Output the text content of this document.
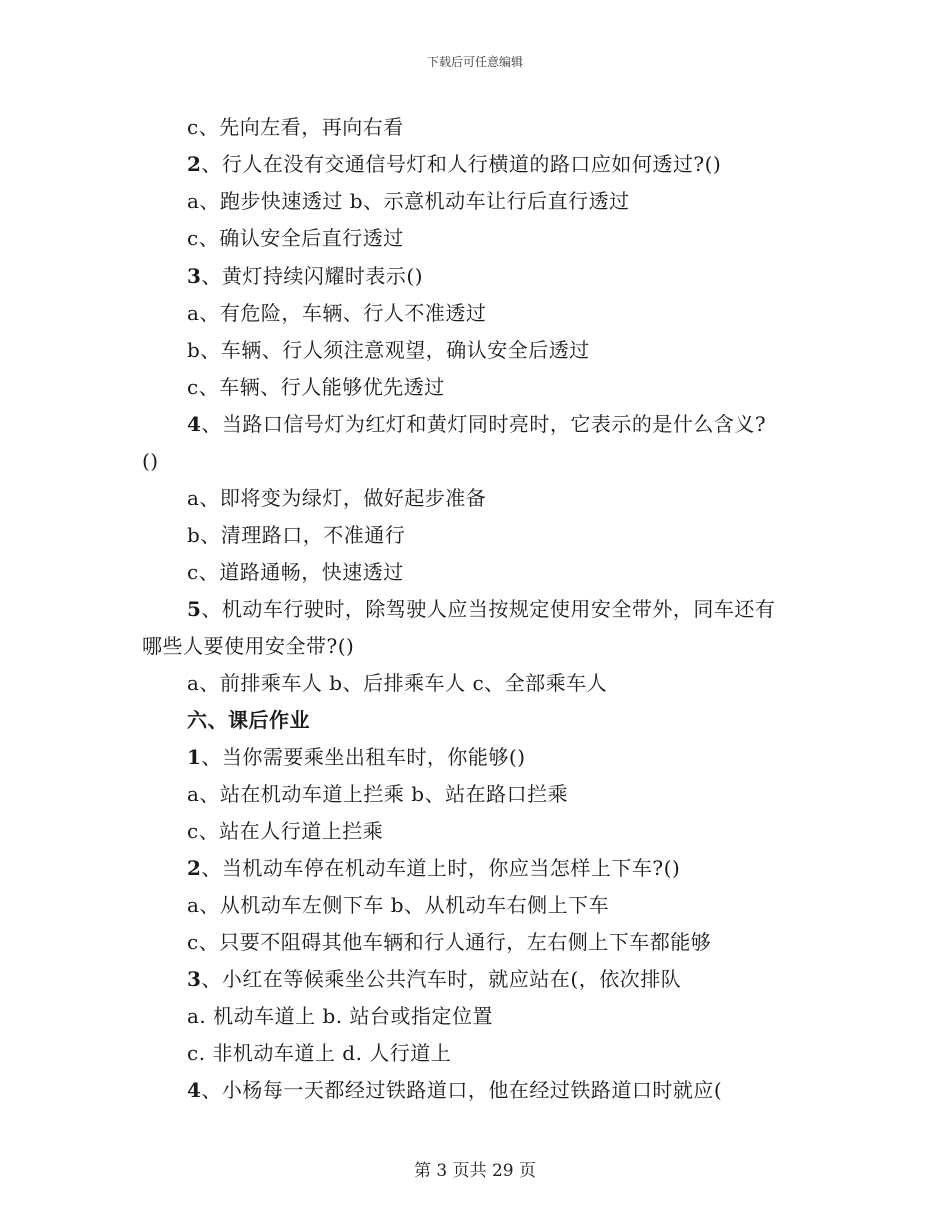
下载后可任意编辑
c、先向左看，再向右看
2、行人在没有交通信号灯和人行横道的路口应如何透过?()
a、跑步快速透过 b、示意机动车让行后直行透过
c、确认安全后直行透过
3、黄灯持续闪耀时表示()
a、有危险，车辆、行人不准透过
b、车辆、行人须注意观望，确认安全后透过
c、车辆、行人能够优先透过
4、当路口信号灯为红灯和黄灯同时亮时，它表示的是什么含义?
()
a、即将变为绿灯，做好起步准备
b、清理路口，不准通行
c、道路通畅，快速透过
5、机动车行驶时，除驾驶人应当按规定使用安全带外，同车还有
哪些人要使用安全带?()
a、前排乘车人 b、后排乘车人 c、全部乘车人
六、课后作业
1、当你需要乘坐出租车时，你能够()
a、站在机动车道上拦乘 b、站在路口拦乘
c、站在人行道上拦乘
2、当机动车停在机动车道上时，你应当怎样上下车?()
a、从机动车左侧下车 b、从机动车右侧上下车
c、只要不阻碍其他车辆和行人通行，左右侧上下车都能够
3、小红在等候乘坐公共汽车时，就应站在(，依次排队
a. 机动车道上 b. 站台或指定位置
c. 非机动车道上 d. 人行道上
4、小杨每一天都经过铁路道口，他在经过铁路道口时就应(
第 3 页共 29 页
